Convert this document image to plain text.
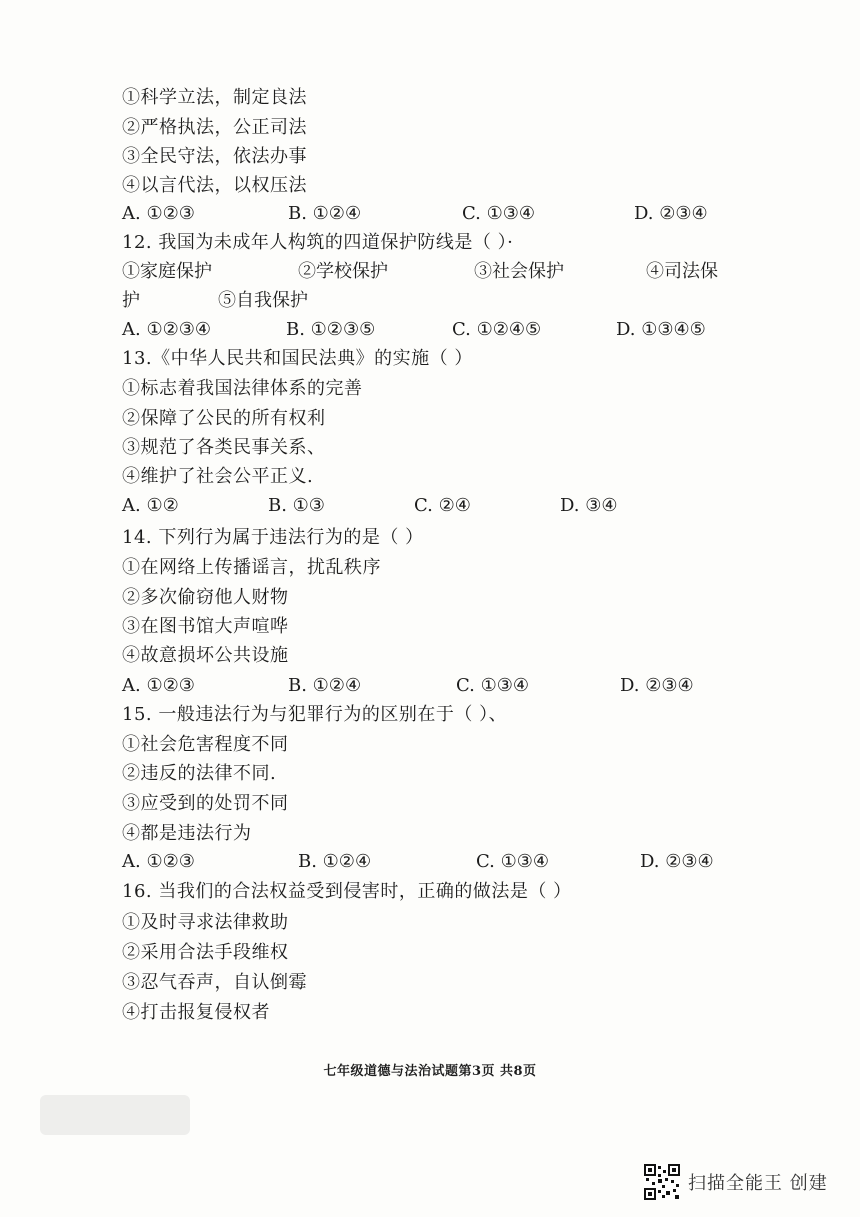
①科学立法，制定良法
②严格执法，公正司法
③全民守法，依法办事
④以言代法，以权压法
A. ①②③	B. ①②④	C. ①③④	D. ②③④
12. 我国为未成年人构筑的四道保护防线是（ ）·
①家庭保护	②学校保护	③社会保护	④司法保
护	⑤自我保护
A. ①②③④	B. ①②③⑤	C. ①②④⑤	D. ①③④⑤
13.《中华人民共和国民法典》的实施（ ）
①标志着我国法律体系的完善
②保障了公民的所有权利
③规范了各类民事关系、
④维护了社会公平正义.
A. ①②	B. ①③	C. ②④	D. ③④
14. 下列行为属于违法行为的是（ ）
①在网络上传播谣言，扰乱秩序
②多次偷窃他人财物
③在图书馆大声喧哗
④故意损坏公共设施
A. ①②③	B. ①②④	C. ①③④	D. ②③④
15. 一般违法行为与犯罪行为的区别在于（ ）、
①社会危害程度不同
②违反的法律不同.
③应受到的处罚不同
④都是违法行为
A. ①②③	B. ①②④	C. ①③④	D. ②③④
16. 当我们的合法权益受到侵害时，正确的做法是（ ）
①及时寻求法律救助
②采用合法手段维权
③忍气吞声，自认倒霉
④打击报复侵权者
七年级道德与法治试题第3页 共8页
扫描全能王 创建
